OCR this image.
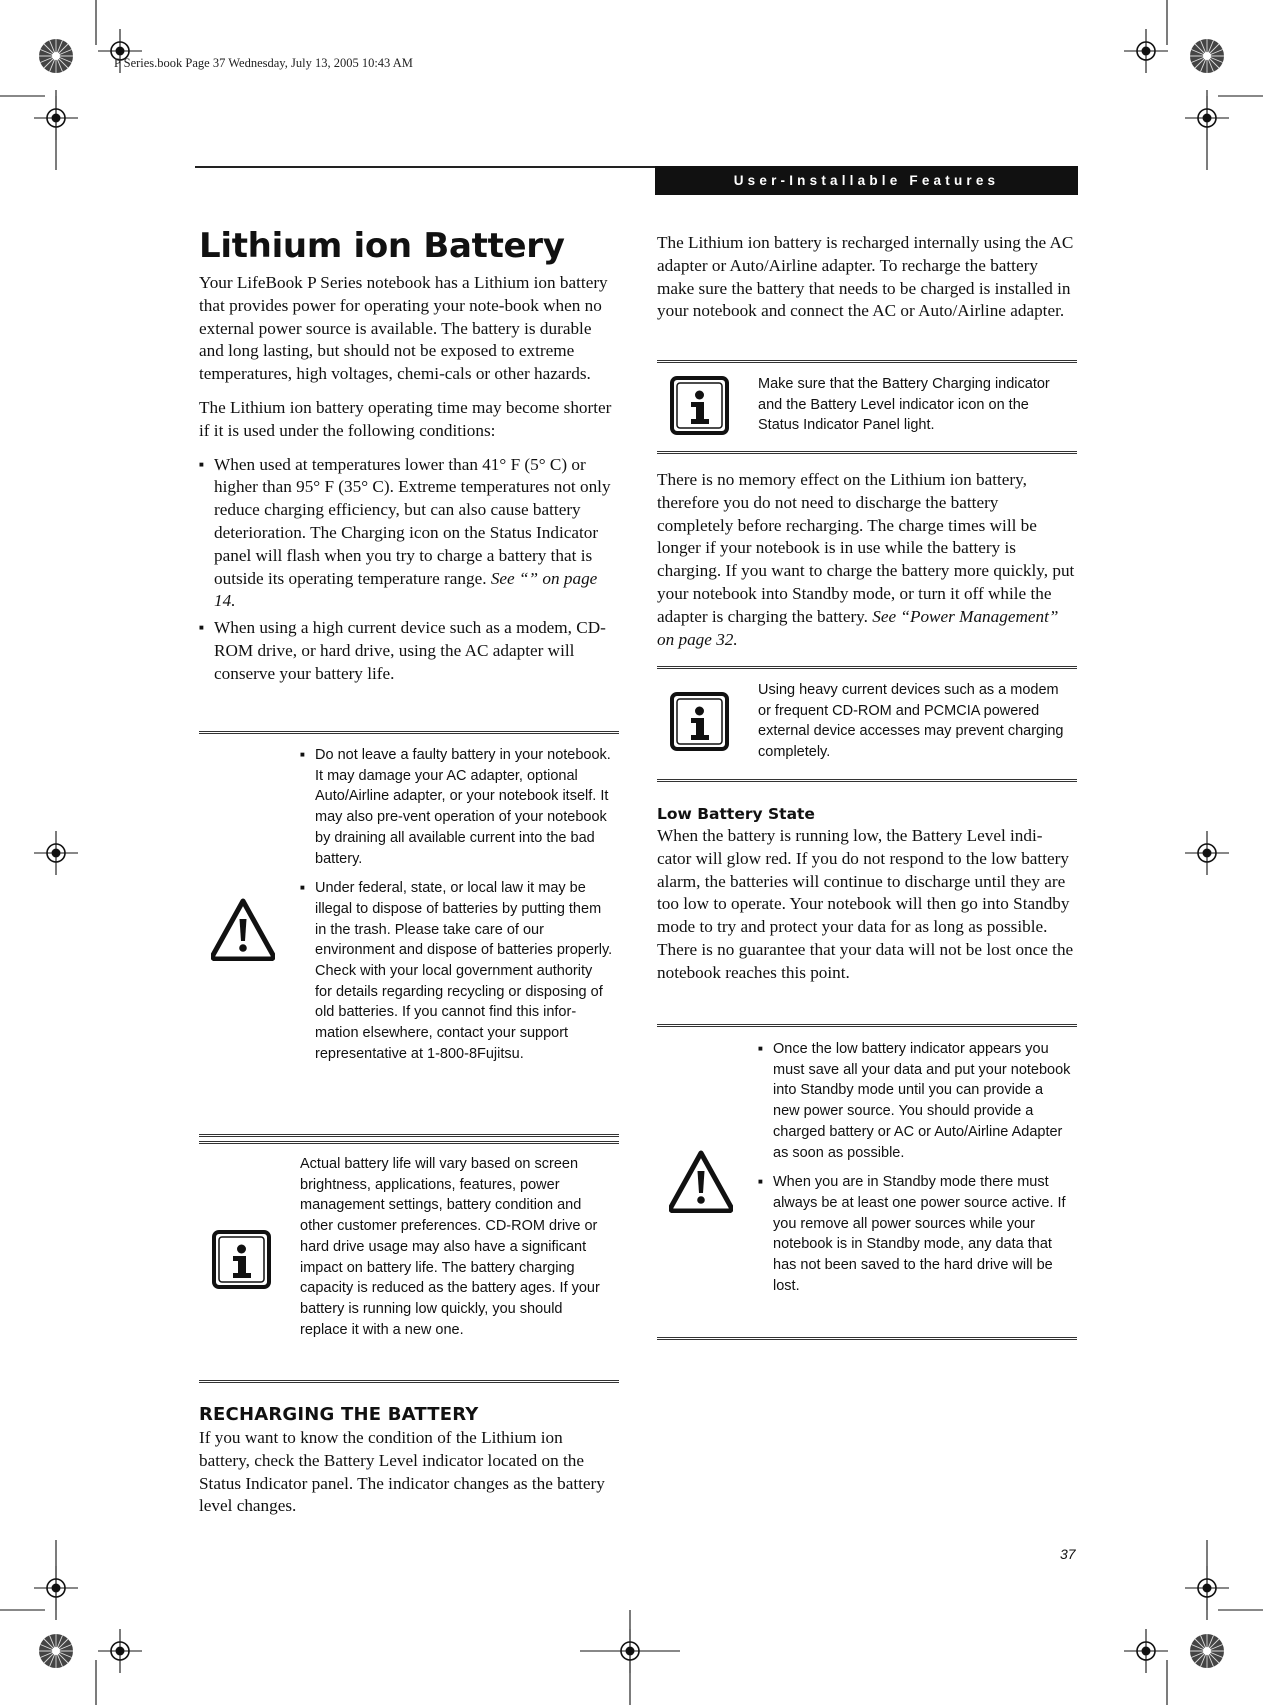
P Series.book Page 37 Wednesday, July 13, 2005 10:43 AM
User-Installable Features
Lithium ion Battery

Your LifeBook P Series notebook has a Lithium ion battery that provides power for operating your note-book when no external power source is available. The battery is durable and long lasting, but should not be exposed to extreme temperatures, high voltages, chemi-cals or other hazards.

The Lithium ion battery operating time may become shorter if it is used under the following conditions:

■ When used at temperatures lower than 41° F (5° C) or higher than 95° F (35° C). Extreme temperatures not only reduce charging efficiency, but can also cause battery deterioration. The Charging icon on the Status Indicator panel will flash when you try to charge a battery that is outside its operating temperature range. See “” on page 14.
■ When using a high current device such as a modem, CD-ROM drive, or hard drive, using the AC adapter will conserve your battery life.
■ Do not leave a faulty battery in your notebook. It may damage your AC adapter, optional Auto/Airline adapter, or your notebook itself. It may also pre-vent operation of your notebook by draining all available current into the bad battery.
■ Under federal, state, or local law it may be illegal to dispose of batteries by putting them in the trash. Please take care of our environment and dispose of batteries properly. Check with your local government authority for details regarding recycling or disposing of old batteries. If you cannot find this infor-mation elsewhere, contact your support representative at 1-800-8Fujitsu.
Actual battery life will vary based on screen brightness, applications, features, power management settings, battery condition and other customer preferences. CD-ROM drive or hard drive usage may also have a significant impact on battery life. The battery charging capacity is reduced as the battery ages. If your battery is running low quickly, you should replace it with a new one.
RECHARGING THE BATTERY

If you want to know the condition of the Lithium ion battery, check the Battery Level indicator located on the Status Indicator panel. The indicator changes as the battery level changes.

The Lithium ion battery is recharged internally using the AC adapter or Auto/Airline adapter. To recharge the battery make sure the battery that needs to be charged is installed in your notebook and connect the AC or Auto/Airline adapter.

Make sure that the Battery Charging indicator and the Battery Level indicator icon on the Status Indicator Panel light.

There is no memory effect on the Lithium ion battery, therefore you do not need to discharge the battery completely before recharging. The charge times will be longer if your notebook is in use while the battery is charging. If you want to charge the battery more quickly, put your notebook into Standby mode, or turn it off while the adapter is charging the battery. See “Power Management” on page 32.

Using heavy current devices such as a modem or frequent CD-ROM and PCMCIA powered external device accesses may prevent charging completely.
Low Battery State

When the battery is running low, the Battery Level indi-cator will glow red. If you do not respond to the low battery alarm, the batteries will continue to discharge until they are too low to operate. Your notebook will then go into Standby mode to try and protect your data for as long as possible. There is no guarantee that your data will not be lost once the notebook reaches this point.

■ Once the low battery indicator appears you must save all your data and put your notebook into Standby mode until you can provide a new power source. You should provide a charged battery or AC or Auto/Airline Adapter as soon as possible.
■ When you are in Standby mode there must always be at least one power source active. If you remove all power sources while your notebook is in Standby mode, any data that has not been saved to the hard drive will be lost.
37
